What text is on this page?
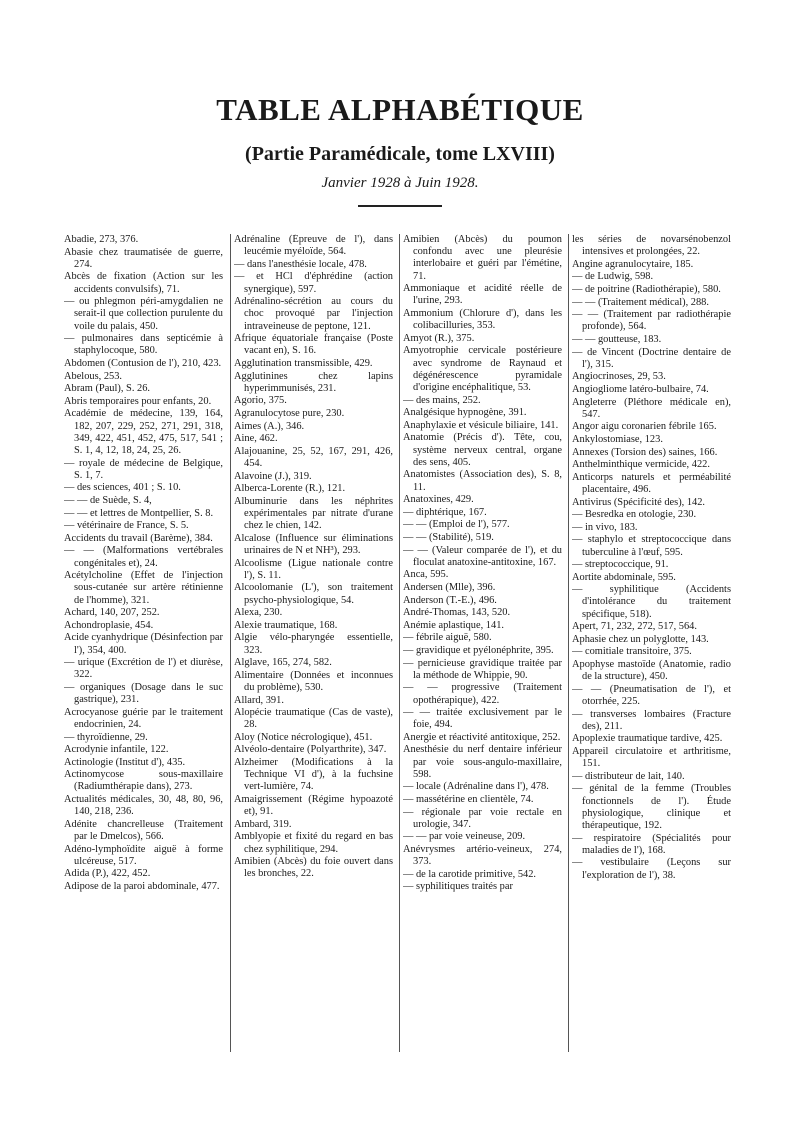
TABLE ALPHABÉTIQUE
(Partie Paramédicale, tome LXVIII)
Janvier 1928 à Juin 1928.

Abadie, 273, 376.

Abasie chez traumatisée de guerre, 274.

Abcès de fixation (Action sur les accidents convulsifs), 71.

— ou phlegmon péri-amygdalien ne serait-il que collection purulente du voile du palais, 450.

— pulmonaires dans septicémie à staphylocoque, 580.

Abdomen (Contusion de l'), 210, 423.

Abelous, 253.

Abram (Paul), S. 26.

Abris temporaires pour enfants, 20.

Académie de médecine, 139, 164, 182, 207, 229, 252, 271, 291, 318, 349, 422, 451, 452, 475, 517, 541 ; S. 1, 4, 12, 18, 24, 25, 26.

— royale de médecine de Belgique, S. 1, 7.

— des sciences, 401 ; S. 10.

— — de Suède, S. 4,

— — et lettres de Montpellier, S. 8.

— vétérinaire de France, S. 5.

Accidents du travail (Barème), 384.

— — (Malformations vertébrales congénitales et), 24.

Acétylcholine (Effet de l'injection sous-cutanée sur artère rétinienne de l'homme), 321.

Achard, 140, 207, 252.

Achondroplasie, 454.

Acide cyanhydrique (Désinfection par l'), 354, 400.

— urique (Excrétion de l') et diurèse, 322.

— organiques (Dosage dans le suc gastrique), 231.

Acrocyanose guérie par le traitement endocrinien, 24.

— thyroïdienne, 29.

Acrodynie infantile, 122.

Actinologie (Institut d'), 435.

Actinomycose sous-maxillaire (Radiumthérapie dans), 273.

Actualités médicales, 30, 48, 80, 96, 140, 218, 236.

Adénite chancrelleuse (Traitement par le Dmelcos), 566.

Adéno-lymphoïdite aiguë à forme ulcéreuse, 517.

Adida (P.), 422, 452.

Adipose de la paroi abdominale, 477.

Adrénaline (Épreuve de l'), dans leucémie myéloïde, 564.

— dans l'anesthésie locale, 478.

— et HCl d'éphrédine (action synergique), 597.

Adrénalino-sécrétion au cours du choc provoqué par l'injection intraveineuse de peptone, 121.

Afrique équatoriale française (Poste vacant en), S. 16.

Agglutination transmissible, 429.

Agglutinines chez lapins hyperimmunisés, 231.

Agorio, 375.

Agranulocytose pure, 230.

Aimes (A.), 346.

Aine, 462.

Alajouanine, 25, 52, 167, 291, 426, 454.

Alavoine (J.), 319.

Alberca-Lorente (R.), 121.

Albuminurie dans les néphrites expérimentales par nitrate d'urane chez le chien, 142.

Alcalose (Influence sur éliminations urinaires de N et NH³), 293.

Alcoolisme (Ligue nationale contre l'), S. 11.

Alcoolomanie (L'), son traitement psycho-physiologique, 54.

Alexa, 230.

Alexie traumatique, 168.

Algie vélo-pharyngée essentielle, 323.

Alglave, 165, 274, 582.

Alimentaire (Données et inconnues du problème), 530.

Allard, 391.

Alopécie traumatique (Cas de vaste), 28.

Aloy (Notice nécrologique), 451.

Alvéolo-dentaire (Polyarthrite), 347.

Alzheimer (Modifications à la Technique VI d'), à la fuchsine vert-lumière, 74.

Amaigrissement (Régime hypoazoté et), 91.

Ambard, 319.

Amblyopie et fixité du regard en bas chez syphilitique, 294.

Amibien (Abcès) du foie ouvert dans les bronches, 22.

Amibien (Abcès) du poumon confondu avec une pleurésie interlobaire et guéri par l'émétine, 71.

Ammoniaque et acidité réelle de l'urine, 293.

Ammonium (Chlorure d'), dans les colibacilluries, 353.

Amyot (R.), 375.

Amyotrophie cervicale postérieure avec syndrome de Raynaud et dégénérescence pyramidale d'origine encéphalitique, 53.

— des mains, 252.

Analgésique hypnogène, 391.

Anaphylaxie et vésicule biliaire, 141.

Anatomie (Précis d'). Tête, cou, système nerveux central, organe des sens, 405.

Anatomistes (Association des), S. 8, 11.

Anatoxines, 429.

— diphtérique, 167.

— — (Emploi de l'), 577.

— — (Stabilité), 519.

— — (Valeur comparée de l'), et du floculat anatoxine-antitoxine, 167.

Anca, 595.

Andersen (Mlle), 396.

Anderson (T.-E.), 496.

André-Thomas, 143, 520.

Anémie aplastique, 141.

— fébrile aiguë, 580.

— gravidique et pyélonéphrite, 395.

— pernicieuse gravidique traitée par la méthode de Whippie, 90.

— — progressive (Traitement opothérapique), 422.

— — traitée exclusivement par le foie, 494.

Anergie et réactivité antitoxique, 252.

Anesthésie du nerf dentaire inférieur par voie sous-angulo-maxillaire, 598.

— locale (Adrénaline dans l'), 478.

— massétérine en clientèle, 74.

— régionale par voie rectale en urologie, 347.

— — par voie veineuse, 209.

Anévrysmes artério-veineux, 274, 373.

— de la carotide primitive, 542.

— syphilitiques traités par

les séries de novarsénobenzol intensives et prolongées, 22.

Angine agranulocytaire, 185.

— de Ludwig, 598.

— de poitrine (Radiothérapie), 580.

— — (Traitement médical), 288.

— — (Traitement par radiothérapie profonde), 564.

— — goutteuse, 183.

— de Vincent (Doctrine dentaire de l'), 315.

Angiocrinoses, 29, 53.

Angiogliome latéro-bulbaire, 74.

Angleterre (Pléthore médicale en), 547.

Angor aigu coronarien fébrile 165.

Ankylostomiase, 123.

Annexes (Torsion des) saines, 166.

Anthelminthique vermicide, 422.

Anticorps naturels et perméabilité placentaire, 496.

Antivirus (Spécificité des), 142.

— Besredka en otologie, 230.

— in vivo, 183.

— staphylo et streptococcique dans tuberculine à l'œuf, 595.

— streptococcique, 91.

Aortite abdominale, 595.

— syphilitique (Accidents d'intolérance du traitement spécifique, 518).

Apert, 71, 232, 272, 517, 564.

Aphasie chez un polyglotte, 143.

— comitiale transitoire, 375.

Apophyse mastoïde (Anatomie, radio de la structure), 450.

— — (Pneumatisation de l'), et otorrhée, 225.

— transverses lombaires (Fracture des), 211.

Apoplexie traumatique tardive, 425.

Appareil circulatoire et arthritisme, 151.

— distributeur de lait, 140.

— génital de la femme (Troubles fonctionnels de l'). Étude physiologique, clinique et thérapeutique, 192.

— respiratoire (Spécialités pour maladies de l'), 168.

— vestibulaire (Leçons sur l'exploration de l'), 38.
